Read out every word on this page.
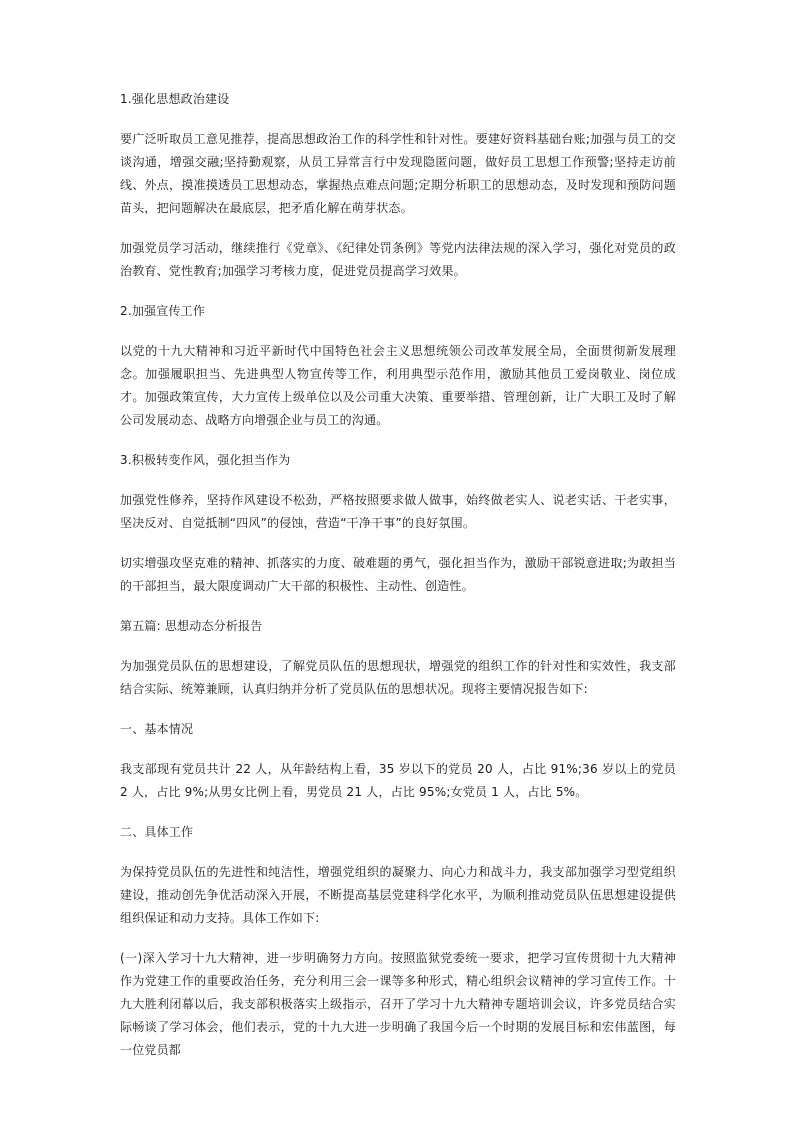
1.强化思想政治建设

要广泛听取员工意见推荐，提高思想政治工作的科学性和针对性。要建好资料基础台账;加强与员工的交谈沟通，增强交融;坚持勤观察，从员工异常言行中发现隐匿问题，做好员工思想工作预警;坚持走访前线、外点，摸准摸透员工思想动态，掌握热点难点问题;定期分析职工的思想动态，及时发现和预防问题苗头，把问题解决在最底层，把矛盾化解在萌芽状态。

加强党员学习活动，继续推行《党章》、《纪律处罚条例》等党内法律法规的深入学习，强化对党员的政治教育、党性教育;加强学习考核力度，促进党员提高学习效果。

2.加强宣传工作

以党的十九大精神和习近平新时代中国特色社会主义思想统领公司改革发展全局，全面贯彻新发展理念。加强履职担当、先进典型人物宣传等工作，利用典型示范作用，激励其他员工爱岗敬业、岗位成才。加强政策宣传，大力宣传上级单位以及公司重大决策、重要举措、管理创新，让广大职工及时了解公司发展动态、战略方向增强企业与员工的沟通。

3.积极转变作风，强化担当作为

加强党性修养，坚持作风建设不松劲，严格按照要求做人做事，始终做老实人、说老实话、干老实事，坚决反对、自觉抵制“四风”的侵蚀，营造“干净干事”的良好氛围。

切实增强攻坚克难的精神、抓落实的力度、破难题的勇气，强化担当作为，激励干部锐意进取;为敢担当的干部担当，最大限度调动广大干部的积极性、主动性、创造性。

第五篇: 思想动态分析报告

为加强党员队伍的思想建设，了解党员队伍的思想现状，增强党的组织工作的针对性和实效性，我支部结合实际、统筹兼顾，认真归纳并分析了党员队伍的思想状况。现将主要情况报告如下:

一、基本情况

我支部现有党员共计 22 人，从年龄结构上看，35 岁以下的党员 20 人，占比 91%;36 岁以上的党员 2 人，占比 9%;从男女比例上看，男党员 21 人，占比 95%;女党员 1 人，占比 5%。

二、具体工作

为保持党员队伍的先进性和纯洁性，增强党组织的凝聚力、向心力和战斗力，我支部加强学习型党组织建设，推动创先争优活动深入开展，不断提高基层党建科学化水平，为顺利推动党员队伍思想建设提供组织保证和动力支持。具体工作如下:

(一)深入学习十九大精神，进一步明确努力方向。按照监狱党委统一要求，把学习宣传贯彻十九大精神作为党建工作的重要政治任务，充分利用三会一课等多种形式，精心组织会议精神的学习宣传工作。十九大胜利闭幕以后，我支部积极落实上级指示，召开了学习十九大精神专题培训会议，许多党员结合实际畅谈了学习体会，他们表示，党的十九大进一步明确了我国今后一个时期的发展目标和宏伟蓝图，每一位党员都
